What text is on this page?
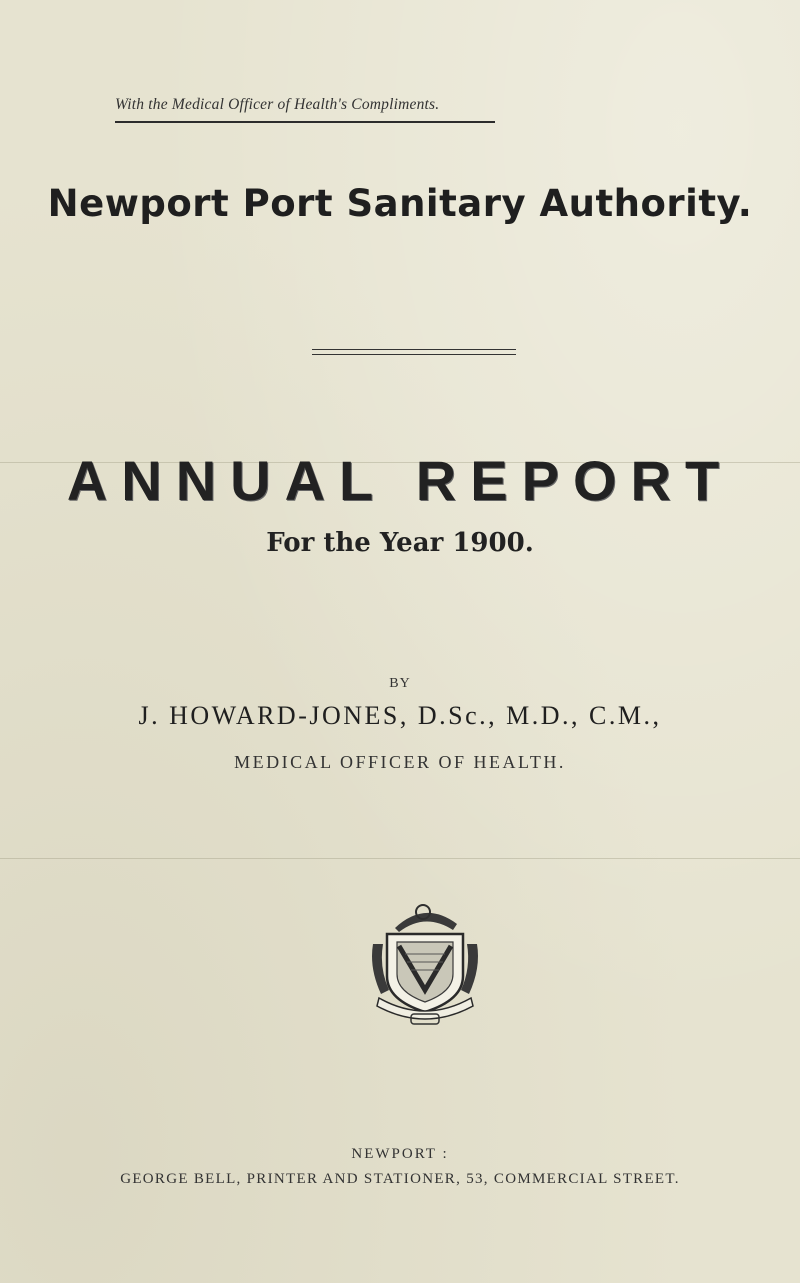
With the Medical Officer of Health's Compliments.
Newport Port Sanitary Authority.
ANNUAL REPORT
For the Year 1900.
BY
J. HOWARD-JONES, D.Sc., M.D., C.M.,
MEDICAL OFFICER OF HEALTH.
NEWPORT :
GEORGE BELL, PRINTER AND STATIONER, 53, COMMERCIAL STREET.
